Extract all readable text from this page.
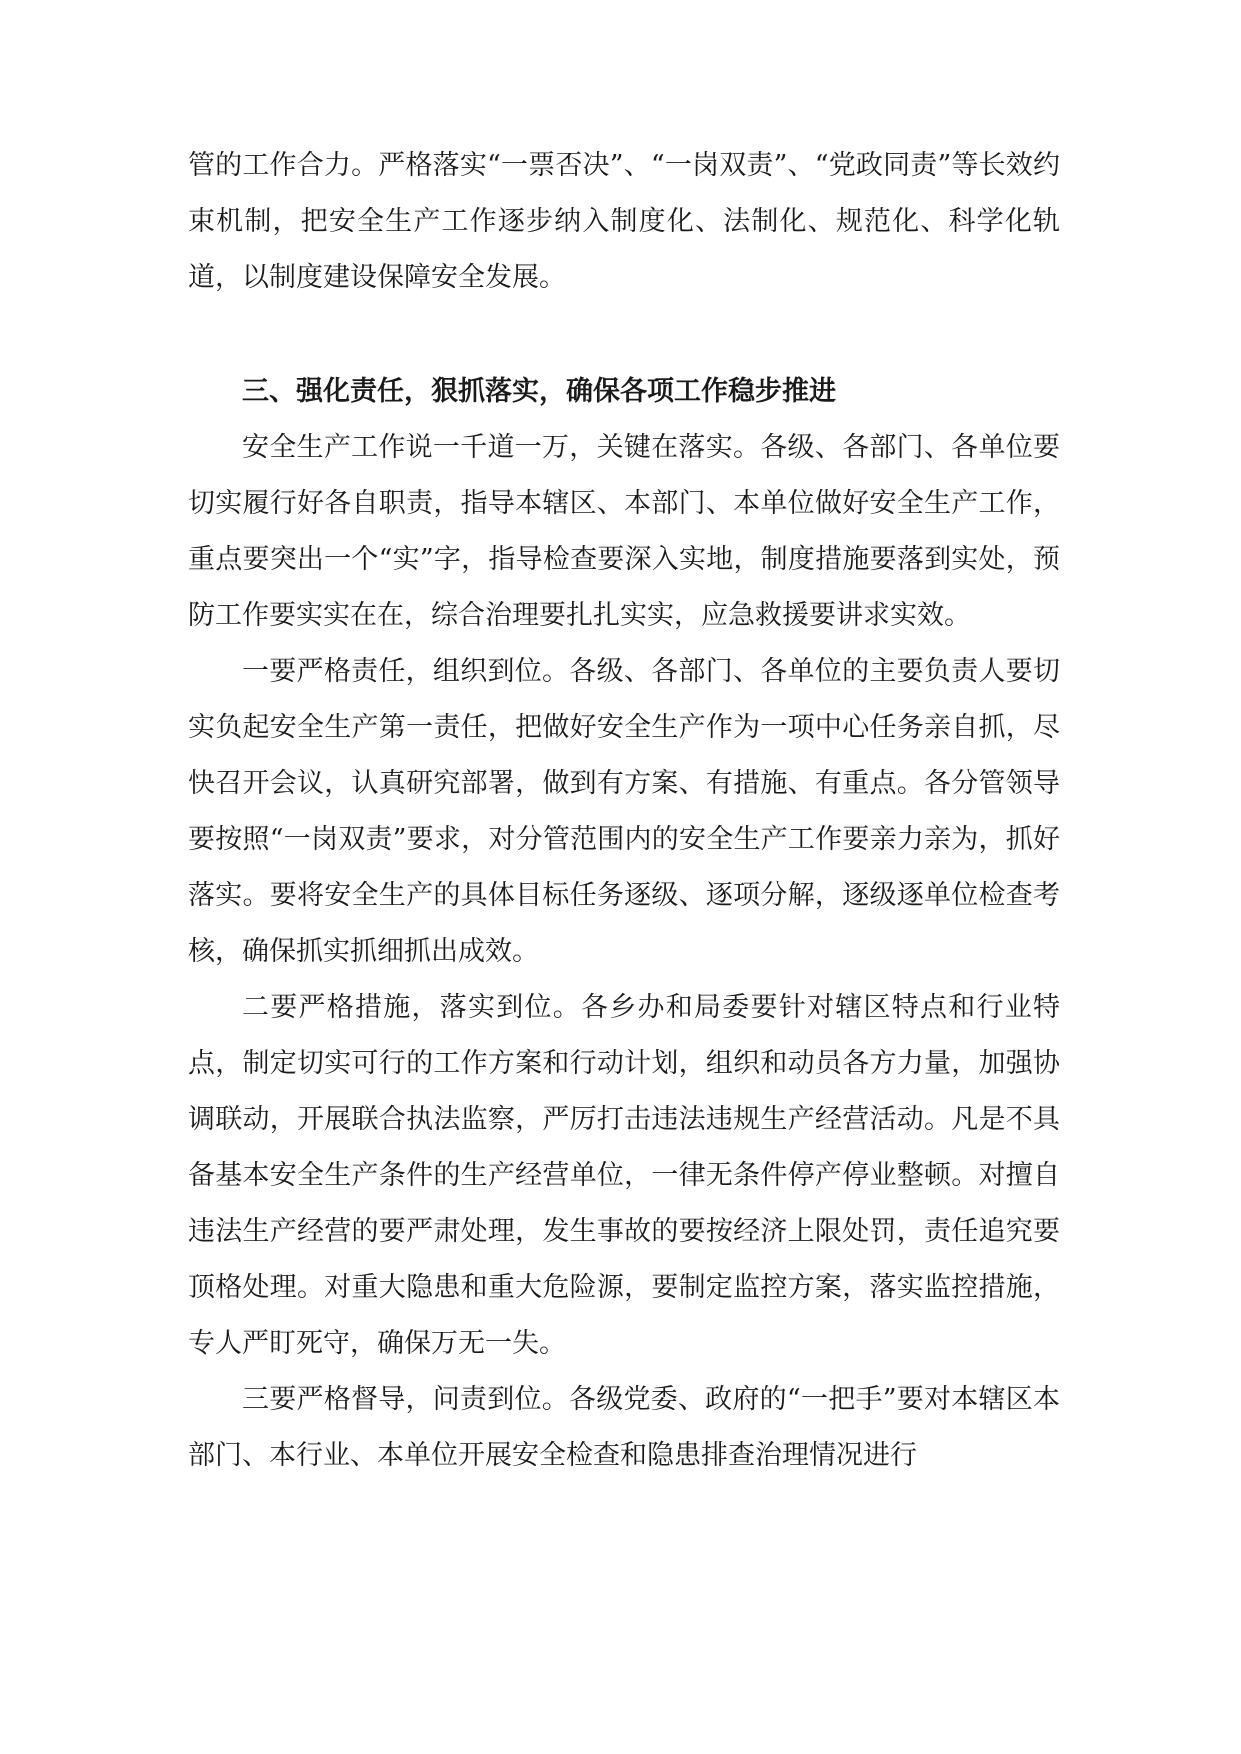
管的工作合力。严格落实“一票否决”、“一岗双责”、“党政同责”等长效约束机制，把安全生产工作逐步纳入制度化、法制化、规范化、科学化轨道，以制度建设保障安全发展。

三、强化责任，狠抓落实，确保各项工作稳步推进

安全生产工作说一千道一万，关键在落实。各级、各部门、各单位要切实履行好各自职责，指导本辖区、本部门、本单位做好安全生产工作，重点要突出一个“实”字，指导检查要深入实地，制度措施要落到实处，预防工作要实实在在，综合治理要扎扎实实，应急救援要讲求实效。

一要严格责任，组织到位。各级、各部门、各单位的主要负责人要切实负起安全生产第一责任，把做好安全生产作为一项中心任务亲自抓，尽快召开会议，认真研究部署，做到有方案、有措施、有重点。各分管领导要按照“一岗双责”要求，对分管范围内的安全生产工作要亲力亲为，抓好落实。要将安全生产的具体目标任务逐级、逐项分解，逐级逐单位检查考核，确保抓实抓细抓出成效。

二要严格措施，落实到位。各乡办和局委要针对辖区特点和行业特点，制定切实可行的工作方案和行动计划，组织和动员各方力量，加强协调联动，开展联合执法监察，严厉打击违法违规生产经营活动。凡是不具备基本安全生产条件的生产经营单位，一律无条件停产停业整顿。对擅自违法生产经营的要严肃处理，发生事故的要按经济上限处罚，责任追究要顶格处理。对重大隐患和重大危险源，要制定监控方案，落实监控措施，专人严盯死守，确保万无一失。

三要严格督导，问责到位。各级党委、政府的“一把手”要对本辖区本部门、本行业、本单位开展安全检查和隐患排查治理情况进行
